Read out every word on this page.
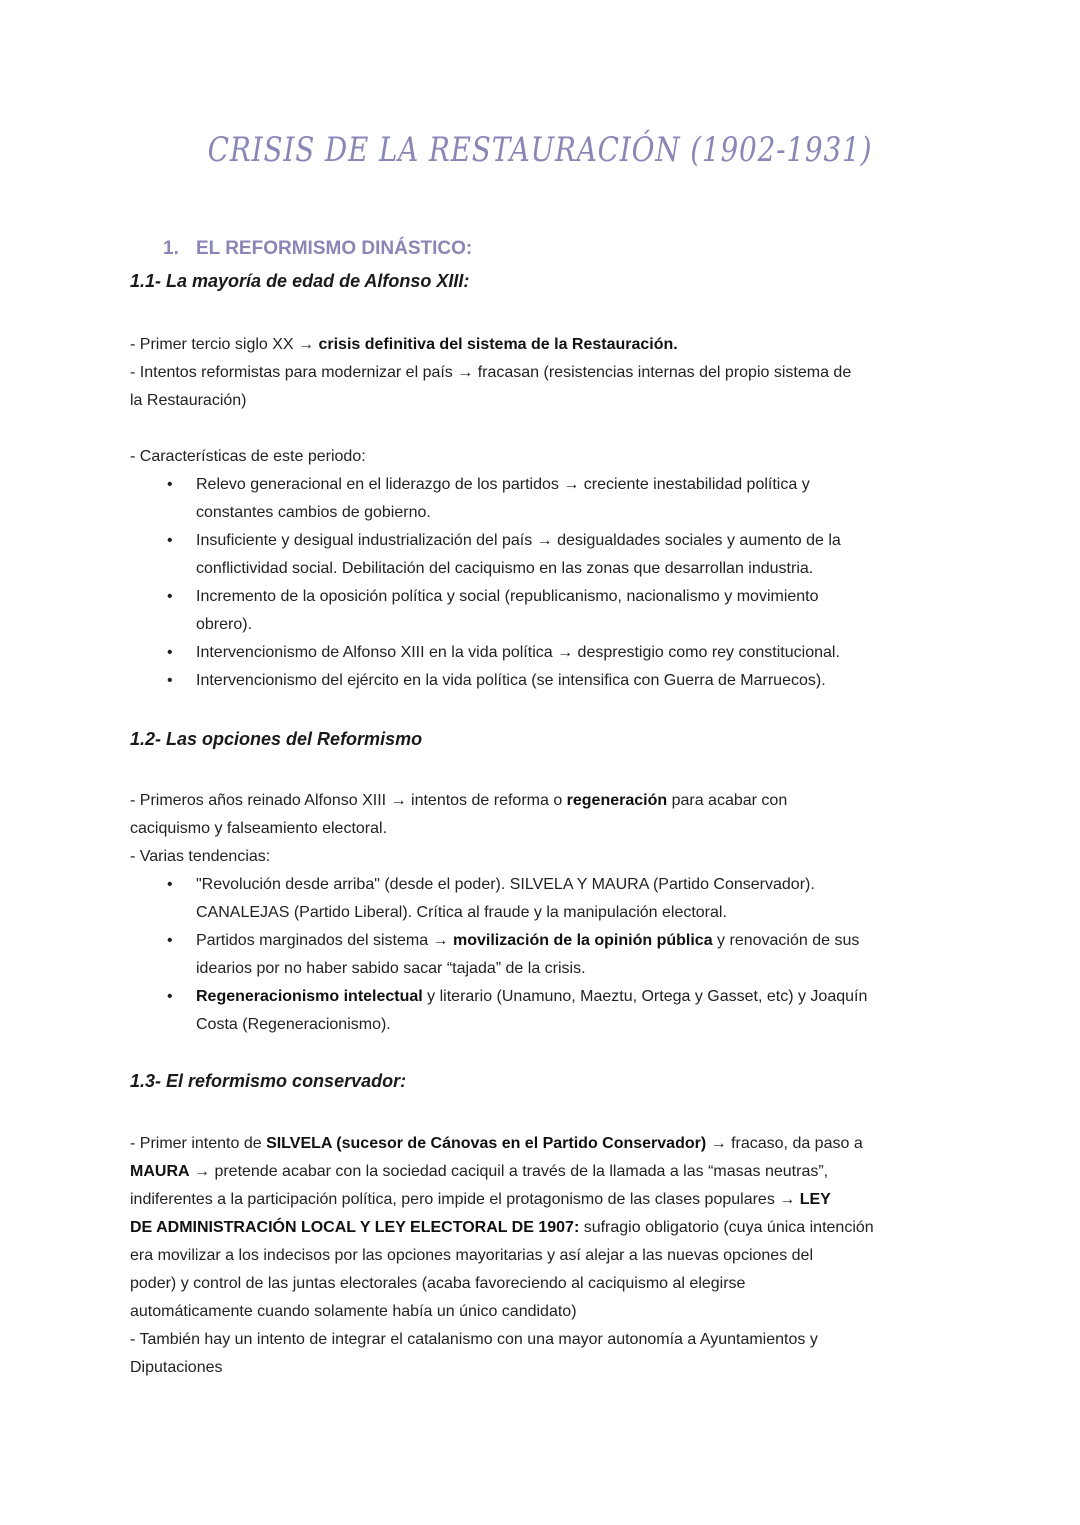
CRISIS DE LA RESTAURACIÓN (1902-1931)
1. EL REFORMISMO DINÁSTICO:
1.1- La mayoría de edad de Alfonso XIII:
- Primer tercio siglo XX → crisis definitiva del sistema de la Restauración.
- Intentos reformistas para modernizar el país → fracasan (resistencias internas del propio sistema de
la Restauración)
- Características de este periodo:
• Relevo generacional en el liderazgo de los partidos → creciente inestabilidad política y
constantes cambios de gobierno.
• Insuficiente y desigual industrialización del país → desigualdades sociales y aumento de la
conflictividad social. Debilitación del caciquismo en las zonas que desarrollan industria.
• Incremento de la oposición política y social (republicanismo, nacionalismo y movimiento
obrero).
• Intervencionismo de Alfonso XIII en la vida política → desprestigio como rey constitucional.
• Intervencionismo del ejército en la vida política (se intensifica con Guerra de Marruecos).
1.2- Las opciones del Reformismo
- Primeros años reinado Alfonso XIII → intentos de reforma o regeneración para acabar con
caciquismo y falseamiento electoral.
- Varias tendencias:
• "Revolución desde arriba" (desde el poder). SILVELA Y MAURA (Partido Conservador).
CANALEJAS (Partido Liberal). Crítica al fraude y la manipulación electoral.
• Partidos marginados del sistema → movilización de la opinión pública y renovación de sus
idearios por no haber sabido sacar “tajada” de la crisis.
• Regeneracionismo intelectual y literario (Unamuno, Maeztu, Ortega y Gasset, etc) y Joaquín
Costa (Regeneracionismo).
1.3- El reformismo conservador:
- Primer intento de SILVELA (sucesor de Cánovas en el Partido Conservador) → fracaso, da paso a
MAURA → pretende acabar con la sociedad caciquil a través de la llamada a las “masas neutras”,
indiferentes a la participación política, pero impide el protagonismo de las clases populares → LEY
DE ADMINISTRACIÓN LOCAL Y LEY ELECTORAL DE 1907: sufragio obligatorio (cuya única intención
era movilizar a los indecisos por las opciones mayoritarias y así alejar a las nuevas opciones del
poder) y control de las juntas electorales (acaba favoreciendo al caciquismo al elegirse
automáticamente cuando solamente había un único candidato)
- También hay un intento de integrar el catalanismo con una mayor autonomía a Ayuntamientos y
Diputaciones
